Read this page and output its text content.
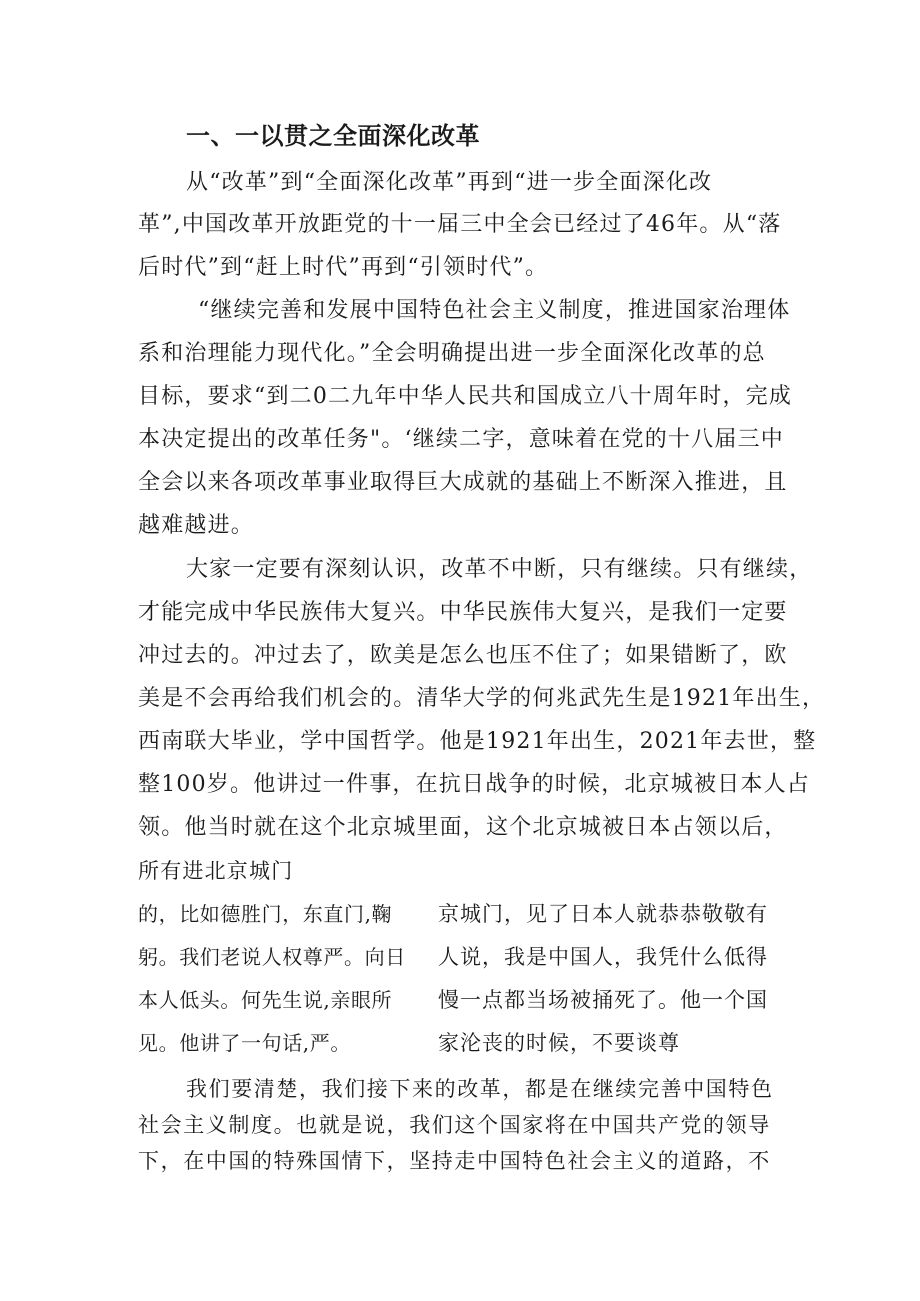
一、一以贯之全面深化改革
从“改革”到“全面深化改革”再到“进一步全面深化改
革”,中国改革开放距党的十一届三中全会已经过了46年。从“落
后时代”到“赶上时代”再到“引领时代”。
“继续完善和发展中国特色社会主义制度，推进国家治理体
系和治理能力现代化。”全会明确提出进一步全面深化改革的总
目标，要求“到二0二九年中华人民共和国成立八十周年时，完成
本决定提出的改革任务"。‘继续二字，意味着在党的十八届三中
全会以来各项改革事业取得巨大成就的基础上不断深入推进，且
越难越进。
大家一定要有深刻认识，改革不中断，只有继续。只有继续，
才能完成中华民族伟大复兴。中华民族伟大复兴，是我们一定要
冲过去的。冲过去了，欧美是怎么也压不住了；如果错断了，欧
美是不会再给我们机会的。清华大学的何兆武先生是1921年出生，
西南联大毕业，学中国哲学。他是1921年出生，2021年去世，整
整100岁。他讲过一件事，在抗日战争的时候，北京城被日本人占
领。他当时就在这个北京城里面，这个北京城被日本占领以后，
所有进北京城门
的，比如德胜门，东直门,鞠
躬。我们老说人权尊严。向日
本人低头。何先生说,亲眼所
见。他讲了一句话,严。
京城门，见了日本人就恭恭敬敬有
人说，我是中国人，我凭什么低得
慢一点都当场被捅死了。他一个国
家沦丧的时候，不要谈尊
我们要清楚，我们接下来的改革，都是在继续完善中国特色
社会主义制度。也就是说，我们这个国家将在中国共产党的领导
下，在中国的特殊国情下，坚持走中国特色社会主义的道路，不
